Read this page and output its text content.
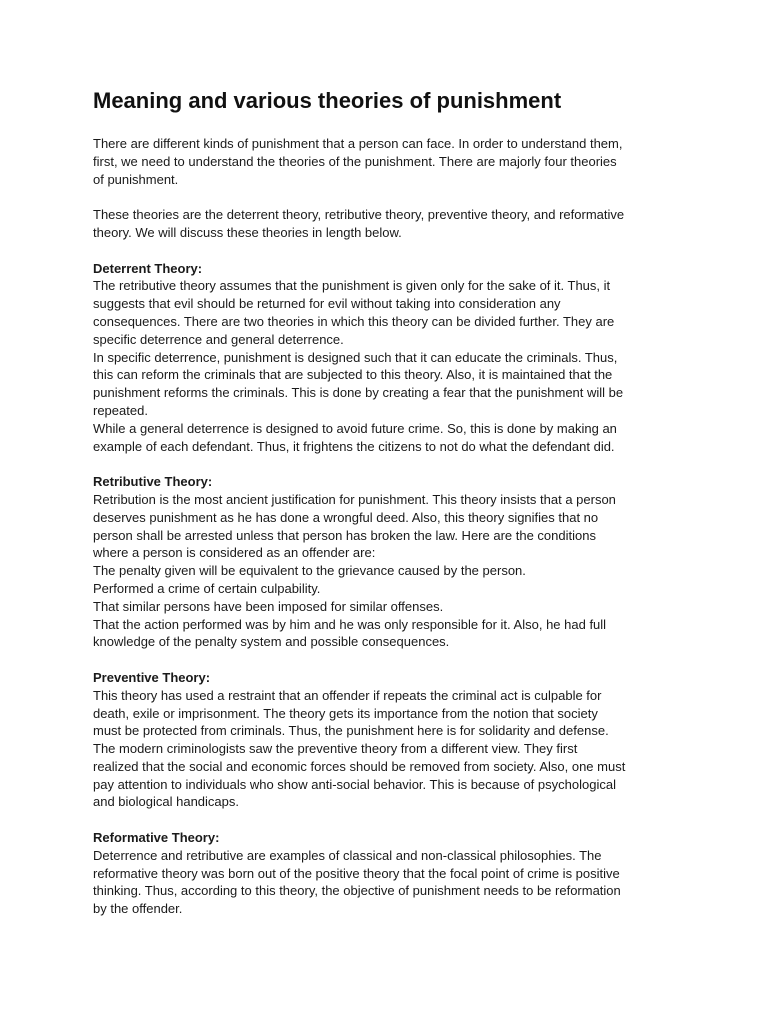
Meaning and various theories of punishment

There are different kinds of punishment that a person can face. In order to understand them,
first, we need to understand the theories of the punishment. There are majorly four theories
of punishment.

These theories are the deterrent theory, retributive theory, preventive theory, and reformative
theory. We will discuss these theories in length below.

Deterrent Theory:

The retributive theory assumes that the punishment is given only for the sake of it. Thus, it
suggests that evil should be returned for evil without taking into consideration any
consequences. There are two theories in which this theory can be divided further. They are
specific deterrence and general deterrence.
In specific deterrence, punishment is designed such that it can educate the criminals. Thus,
this can reform the criminals that are subjected to this theory. Also, it is maintained that the
punishment reforms the criminals. This is done by creating a fear that the punishment will be
repeated.
While a general deterrence is designed to avoid future crime. So, this is done by making an
example of each defendant. Thus, it frightens the citizens to not do what the defendant did.

Retributive Theory:

Retribution is the most ancient justification for punishment. This theory insists that a person
deserves punishment as he has done a wrongful deed. Also, this theory signifies that no
person shall be arrested unless that person has broken the law. Here are the conditions
where a person is considered as an offender are:
The penalty given will be equivalent to the grievance caused by the person.
Performed a crime of certain culpability.
That similar persons have been imposed for similar offenses.
That the action performed was by him and he was only responsible for it. Also, he had full
knowledge of the penalty system and possible consequences.

Preventive Theory:

This theory has used a restraint that an offender if repeats the criminal act is culpable for
death, exile or imprisonment. The theory gets its importance from the notion that society
must be protected from criminals. Thus, the punishment here is for solidarity and defense.
The modern criminologists saw the preventive theory from a different view. They first
realized that the social and economic forces should be removed from society. Also, one must
pay attention to individuals who show anti-social behavior. This is because of psychological
and biological handicaps.

Reformative Theory:

Deterrence and retributive are examples of classical and non-classical philosophies. The
reformative theory was born out of the positive theory that the focal point of crime is positive
thinking. Thus, according to this theory, the objective of punishment needs to be reformation
by the offender.
